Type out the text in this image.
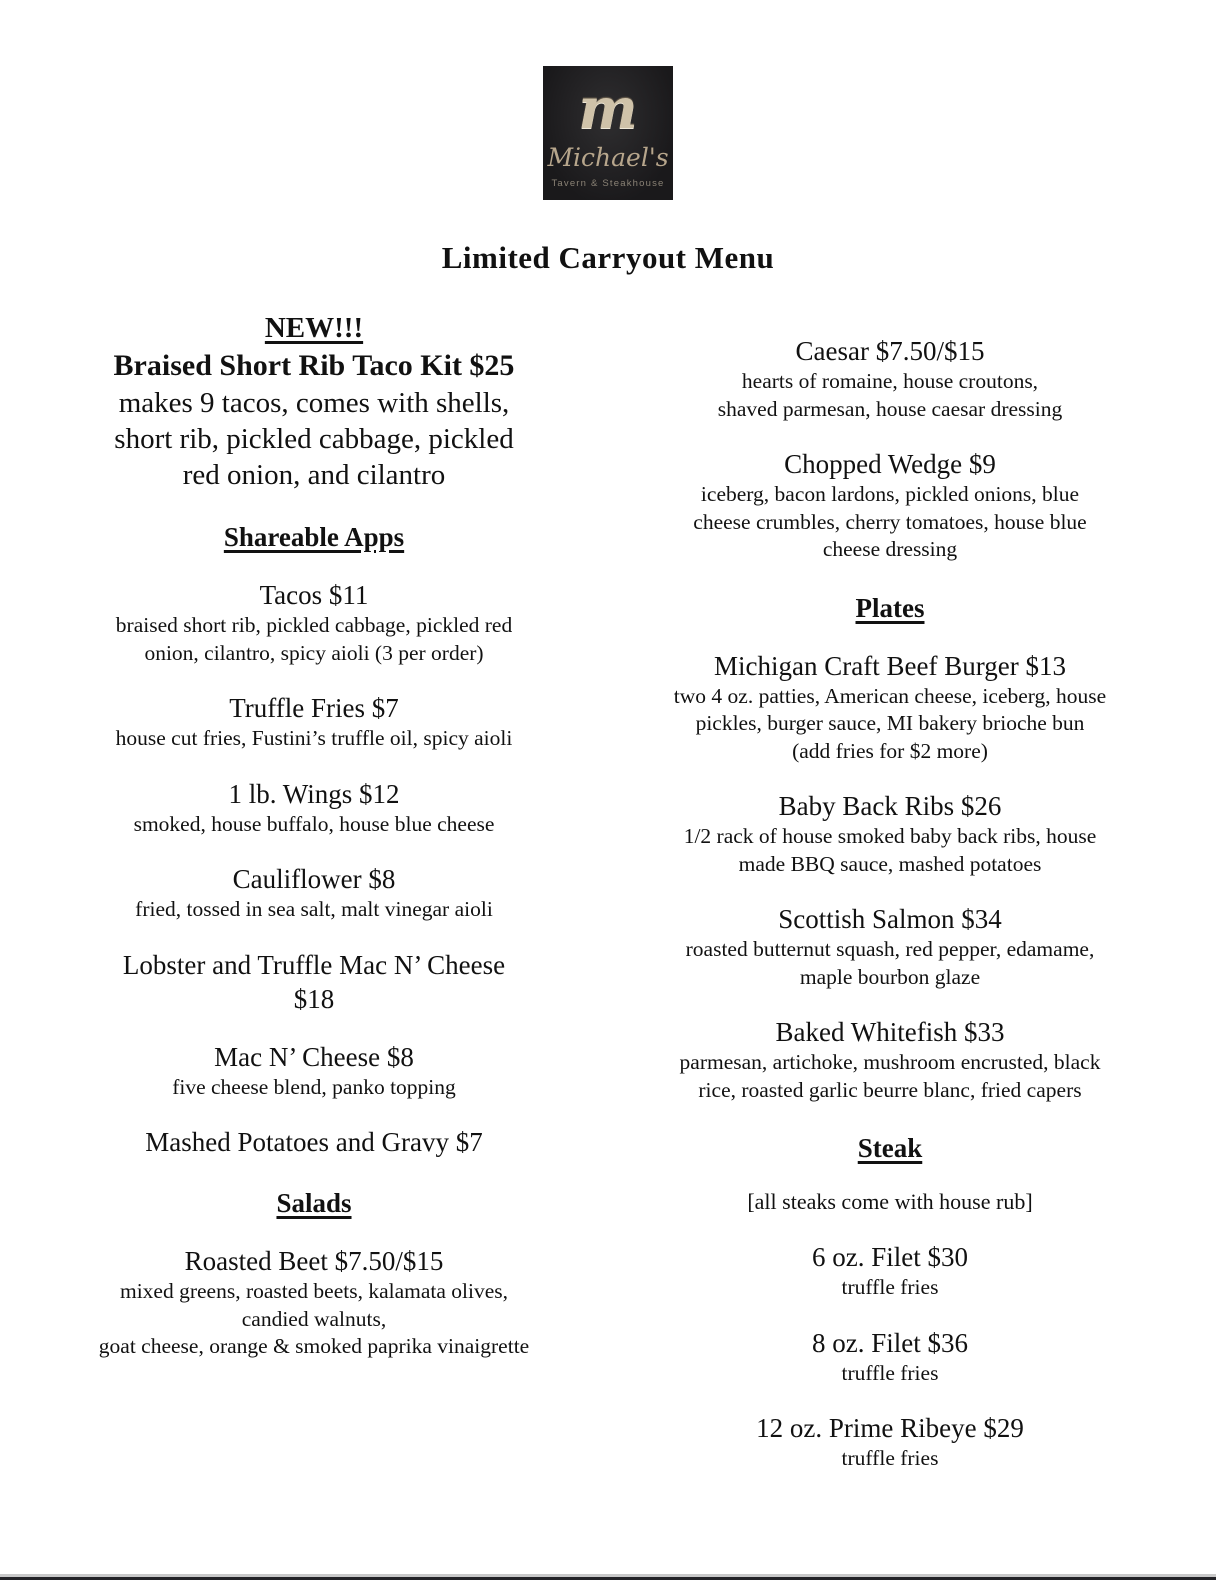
m
Michael's
Tavern & Steakhouse
Limited Carryout Menu
NEW!!!
Braised Short Rib Taco Kit $25
makes 9 tacos, comes with shells,
short rib, pickled cabbage, pickled
red onion, and cilantro
Shareable Apps
Tacos $11
braised short rib, pickled cabbage, pickled red
onion, cilantro, spicy aioli (3 per order)
Truffle Fries $7
house cut fries, Fustini’s truffle oil, spicy aioli
1 lb. Wings $12
smoked, house buffalo, house blue cheese
Cauliflower $8
fried, tossed in sea salt, malt vinegar aioli
Lobster and Truffle Mac N’ Cheese
$18
Mac N’ Cheese $8
five cheese blend, panko topping
Mashed Potatoes and Gravy $7
Salads
Roasted Beet $7.50/$15
mixed greens, roasted beets, kalamata olives,
candied walnuts,
goat cheese, orange & smoked paprika vinaigrette
Caesar $7.50/$15
hearts of romaine, house croutons,
shaved parmesan, house caesar dressing
Chopped Wedge $9
iceberg, bacon lardons, pickled onions, blue
cheese crumbles, cherry tomatoes, house blue
cheese dressing
Plates
Michigan Craft Beef Burger $13
two 4 oz. patties, American cheese, iceberg, house
pickles, burger sauce, MI bakery brioche bun
(add fries for $2 more)
Baby Back Ribs $26
1/2 rack of house smoked baby back ribs, house
made BBQ sauce, mashed potatoes
Scottish Salmon $34
roasted butternut squash, red pepper, edamame,
maple bourbon glaze
Baked Whitefish $33
parmesan, artichoke, mushroom encrusted, black
rice, roasted garlic beurre blanc, fried capers
Steak
[all steaks come with house rub]
6 oz. Filet $30
truffle fries
8 oz. Filet $36
truffle fries
12 oz. Prime Ribeye $29
truffle fries
